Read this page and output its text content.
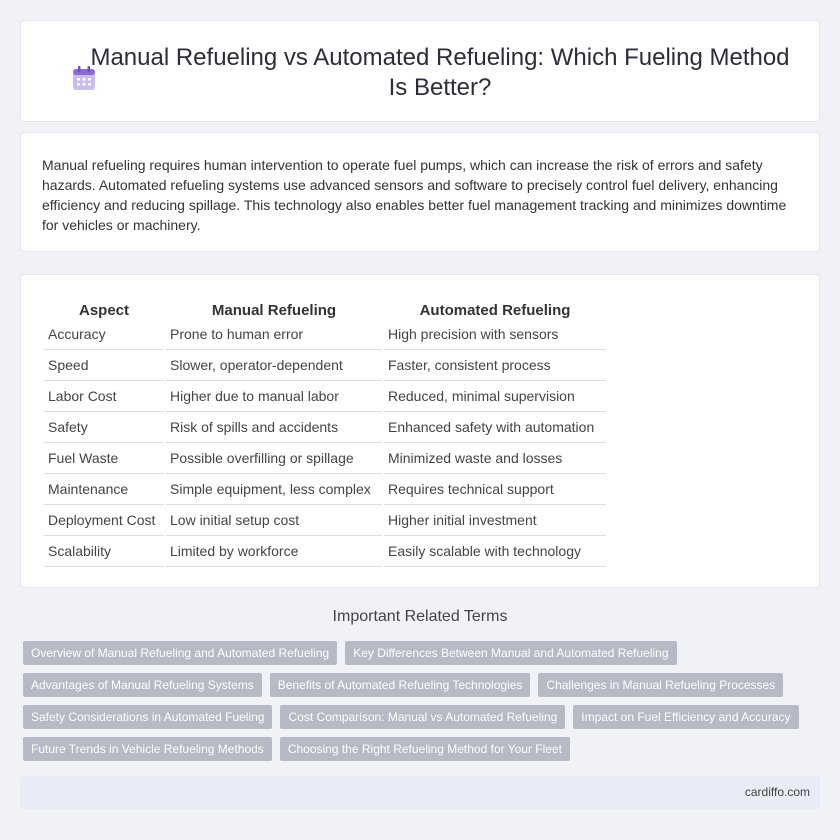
Manual Refueling vs Automated Refueling: Which Fueling Method Is Better?

Manual refueling requires human intervention to operate fuel pumps, which can increase the risk of errors and safety hazards. Automated refueling systems use advanced sensors and software to precisely control fuel delivery, enhancing efficiency and reducing spillage. This technology also enables better fuel management tracking and minimizes downtime for vehicles or machinery.

Aspect	Manual Refueling	Automated Refueling
Accuracy	Prone to human error	High precision with sensors
Speed	Slower, operator-dependent	Faster, consistent process
Labor Cost	Higher due to manual labor	Reduced, minimal supervision
Safety	Risk of spills and accidents	Enhanced safety with automation
Fuel Waste	Possible overfilling or spillage	Minimized waste and losses
Maintenance	Simple equipment, less complex	Requires technical support
Deployment Cost	Low initial setup cost	Higher initial investment
Scalability	Limited by workforce	Easily scalable with technology
Important Related Terms
Overview of Manual Refueling and Automated Refueling	Key Differences Between Manual and Automated Refueling
Advantages of Manual Refueling Systems	Benefits of Automated Refueling Technologies	Challenges in Manual Refueling Processes
Safety Considerations in Automated Fueling	Cost Comparison: Manual vs Automated Refueling	Impact on Fuel Efficiency and Accuracy
Future Trends in Vehicle Refueling Methods	Choosing the Right Refueling Method for Your Fleet
cardiffo.com
